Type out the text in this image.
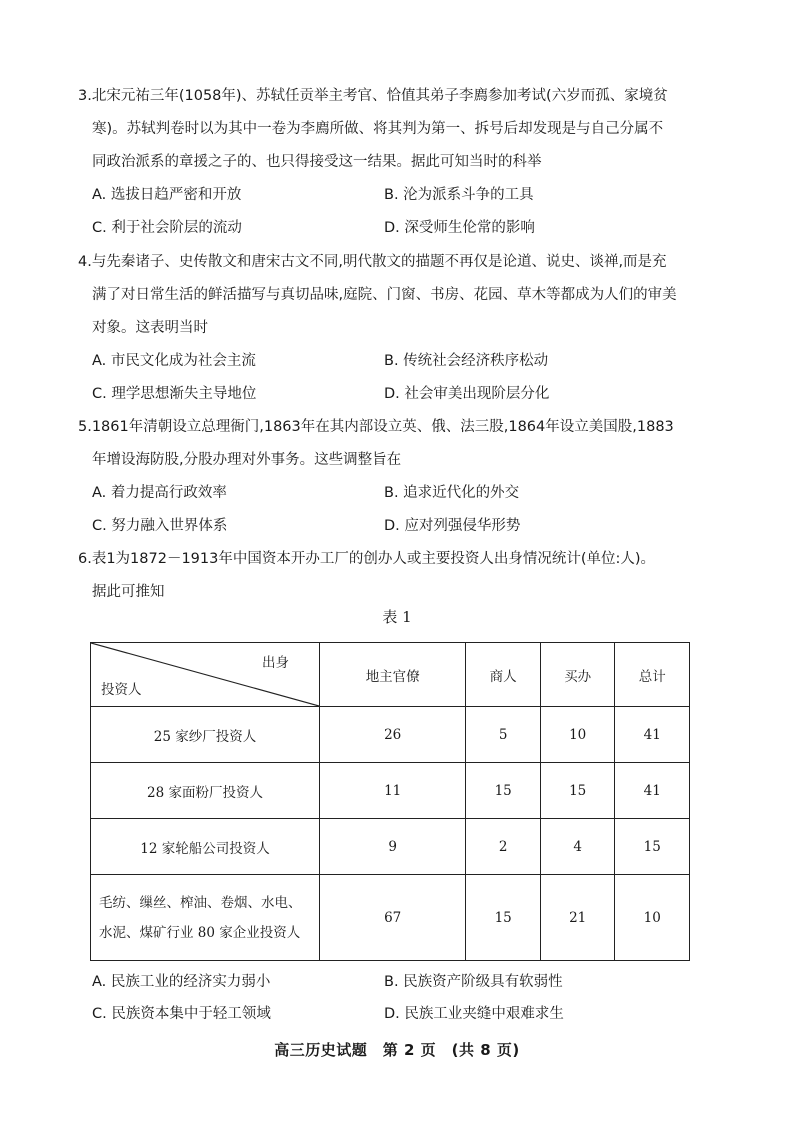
3.北宋元祐三年(1058年)、苏轼任贡举主考官、恰值其弟子李廌参加考试(六岁而孤、家境贫
寒)。苏轼判卷时以为其中一卷为李廌所做、将其判为第一、拆号后却发现是与自己分属不
同政治派系的章援之子的、也只得接受这一结果。据此可知当时的科举
A. 选拔日趋严密和开放	B. 沦为派系斗争的工具
C. 利于社会阶层的流动	D. 深受师生伦常的影响
4.与先秦诸子、史传散文和唐宋古文不同,明代散文的描题不再仅是论道、说史、谈禅,而是充
满了对日常生活的鲜活描写与真切品味,庭院、门窗、书房、花园、草木等都成为人们的审美
对象。这表明当时
A. 市民文化成为社会主流	B. 传统社会经济秩序松动
C. 理学思想渐失主导地位	D. 社会审美出现阶层分化
5.1861年清朝设立总理衙门,1863年在其内部设立英、俄、法三股,1864年设立美国股,1883
年增设海防股,分股办理对外事务。这些调整旨在
A. 着力提高行政效率	B. 追求近代化的外交
C. 努力融入世界体系	D. 应对列强侵华形势
6.表1为1872－1913年中国资本开办工厂的创办人或主要投资人出身情况统计(单位:人)。
据此可推知
表 1
出身
投资人	地主官僚	商人	买办	总计
25 家纱厂投资人	26	5	10	41
28 家面粉厂投资人	11	15	15	41
12 家轮船公司投资人	9	2	4	15
毛纺、缫丝、榨油、卷烟、水电、水泥、煤矿行业 80 家企业投资人	67	15	21	10
A. 民族工业的经济实力弱小	B. 民族资产阶级具有软弱性
C. 民族资本集中于轻工领域	D. 民族工业夹缝中艰难求生
高三历史试题　第 2 页　(共 8 页)
